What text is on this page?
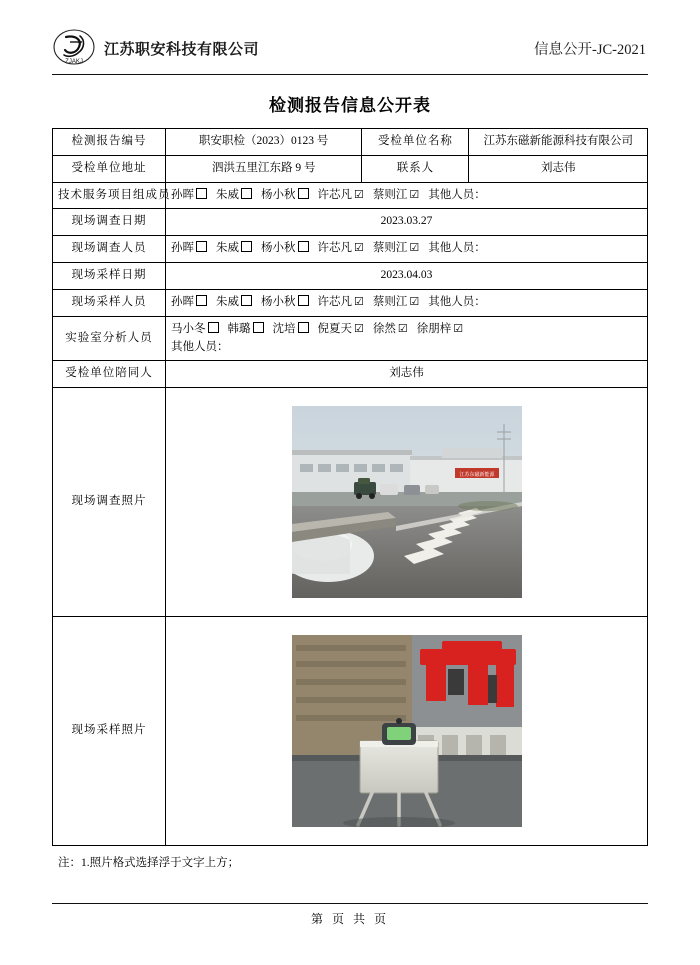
ZJAKJ
江苏职安科技有限公司	信息公开-JC-2021
检测报告信息公开表
检测报告编号	职安职检（2023）0123 号	受检单位名称	江苏东磁新能源科技有限公司
受检单位地址	泗洪五里江东路 9 号	联系人	刘志伟
技术服务项目组成员	孙晖 朱威 杨小秋 许芯凡 ☑ 蔡则江 ☑ 其他人员：		
现场调查日期	2023.03.27		
现场调查人员	孙晖 朱威 杨小秋 许芯凡 ☑ 蔡则江 ☑ 其他人员：		
现场采样日期	2023.04.03		
现场采样人员	孙晖 朱威 杨小秋 许芯凡 ☑ 蔡则江 ☑ 其他人员：		
实验室分析人员	马小冬 韩璐 沈培 倪夏天 ☑ 徐然 ☑ 徐朋梓 ☑
其他人员：		
受检单位陪同人	刘志伟		
现场调查照片	江苏东磁新能源		

现场采样照片	
注：1.照片格式选择浮于文字上方；
第 页 共 页
